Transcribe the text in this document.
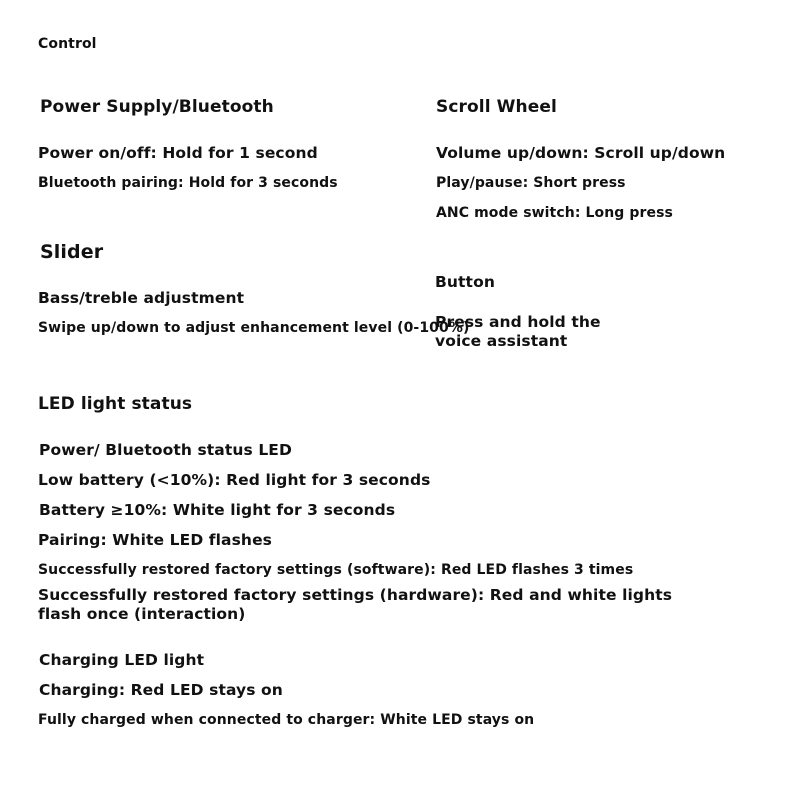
Control
Power Supply/Bluetooth
Power on/off: Hold for 1 second
Bluetooth pairing: Hold for 3 seconds
Scroll Wheel
Volume up/down: Scroll up/down
Play/pause: Short press
ANC mode switch: Long press
Slider
Bass/treble adjustment
Swipe up/down to adjust enhancement level (0-100%)
Button
Press and hold the
voice assistant
LED light status
Power/ Bluetooth status LED
Low battery (<10%): Red light for 3 seconds
Battery ≥10%: White light for 3 seconds
Pairing: White LED flashes
Successfully restored factory settings (software): Red LED flashes 3 times
Successfully restored factory settings (hardware): Red and white lights flash once (interaction)
Charging LED light
Charging: Red LED stays on
Fully charged when connected to charger: White LED stays on
